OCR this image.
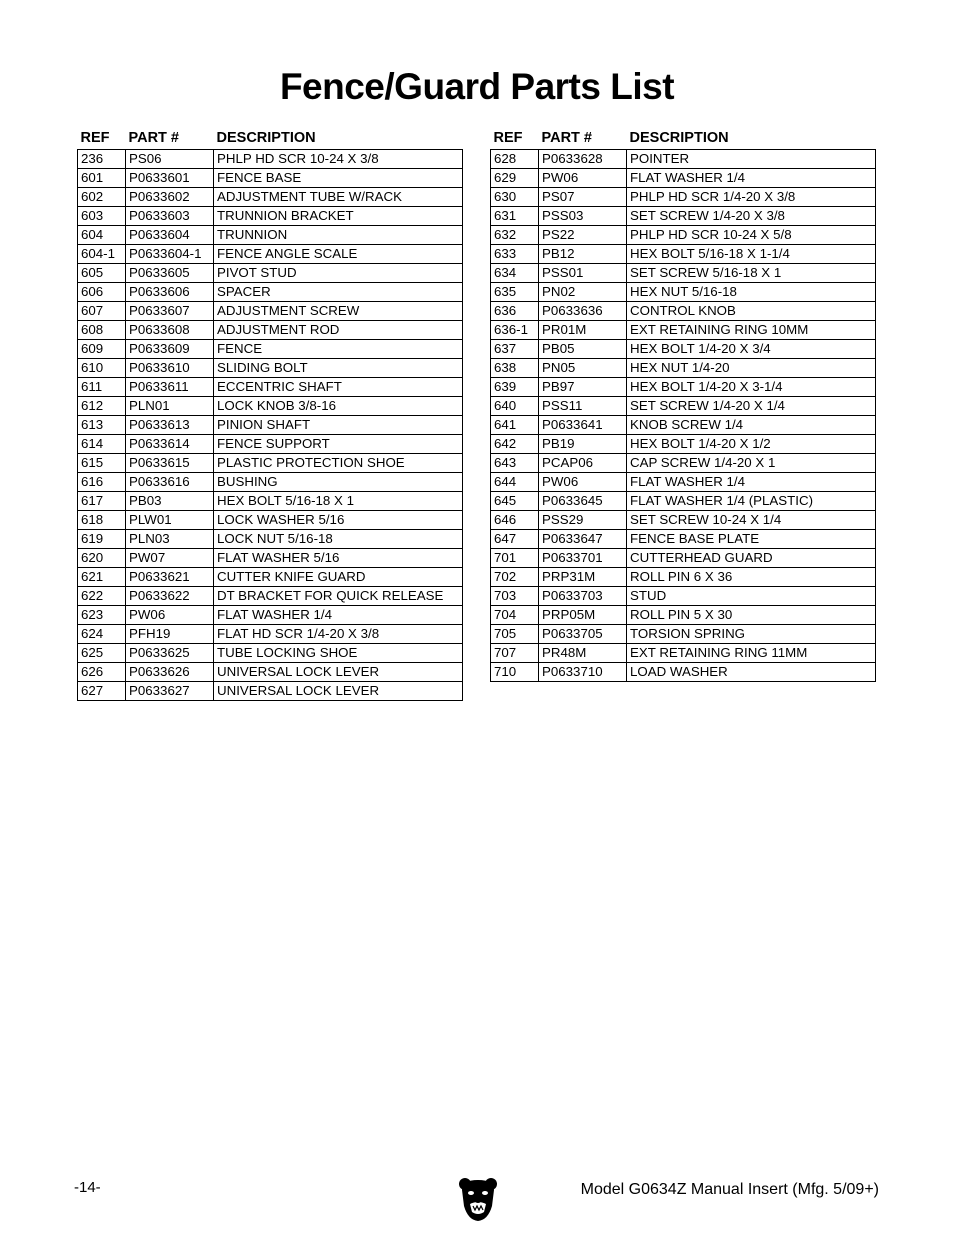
Fence/Guard Parts List
REF	PART #	DESCRIPTION
236	PS06	PHLP HD SCR 10-24 X 3/8
601	P0633601	FENCE BASE
602	P0633602	ADJUSTMENT TUBE W/RACK
603	P0633603	TRUNNION BRACKET
604	P0633604	TRUNNION
604-1	P0633604-1	FENCE ANGLE SCALE
605	P0633605	PIVOT STUD
606	P0633606	SPACER
607	P0633607	ADJUSTMENT SCREW
608	P0633608	ADJUSTMENT ROD
609	P0633609	FENCE
610	P0633610	SLIDING BOLT
611	P0633611	ECCENTRIC SHAFT
612	PLN01	LOCK KNOB 3/8-16
613	P0633613	PINION SHAFT
614	P0633614	FENCE SUPPORT
615	P0633615	PLASTIC PROTECTION SHOE
616	P0633616	BUSHING
617	PB03	HEX BOLT 5/16-18 X 1
618	PLW01	LOCK WASHER 5/16
619	PLN03	LOCK NUT 5/16-18
620	PW07	FLAT WASHER 5/16
621	P0633621	CUTTER KNIFE GUARD
622	P0633622	DT BRACKET FOR QUICK RELEASE
623	PW06	FLAT WASHER 1/4
624	PFH19	FLAT HD SCR 1/4-20 X 3/8
625	P0633625	TUBE LOCKING SHOE
626	P0633626	UNIVERSAL LOCK LEVER
627	P0633627	UNIVERSAL LOCK LEVER
REF	PART #	DESCRIPTION
628	P0633628	POINTER
629	PW06	FLAT WASHER 1/4
630	PS07	PHLP HD SCR 1/4-20 X 3/8
631	PSS03	SET SCREW 1/4-20 X 3/8
632	PS22	PHLP HD SCR 10-24 X 5/8
633	PB12	HEX BOLT 5/16-18 X 1-1/4
634	PSS01	SET SCREW 5/16-18 X 1
635	PN02	HEX NUT 5/16-18
636	P0633636	CONTROL KNOB
636-1	PR01M	EXT RETAINING RING 10MM
637	PB05	HEX BOLT 1/4-20 X 3/4
638	PN05	HEX NUT 1/4-20
639	PB97	HEX BOLT 1/4-20 X 3-1/4
640	PSS11	SET SCREW 1/4-20 X 1/4
641	P0633641	KNOB SCREW 1/4
642	PB19	HEX BOLT 1/4-20 X 1/2
643	PCAP06	CAP SCREW 1/4-20 X 1
644	PW06	FLAT WASHER 1/4
645	P0633645	FLAT WASHER 1/4 (PLASTIC)
646	PSS29	SET SCREW 10-24 X 1/4
647	P0633647	FENCE BASE PLATE
701	P0633701	CUTTERHEAD GUARD
702	PRP31M	ROLL PIN 6 X 36
703	P0633703	STUD
704	PRP05M	ROLL PIN 5 X 30
705	P0633705	TORSION SPRING
707	PR48M	EXT RETAINING RING 11MM
710	P0633710	LOAD WASHER
-14-	Model G0634Z Manual Insert (Mfg. 5/09+)
